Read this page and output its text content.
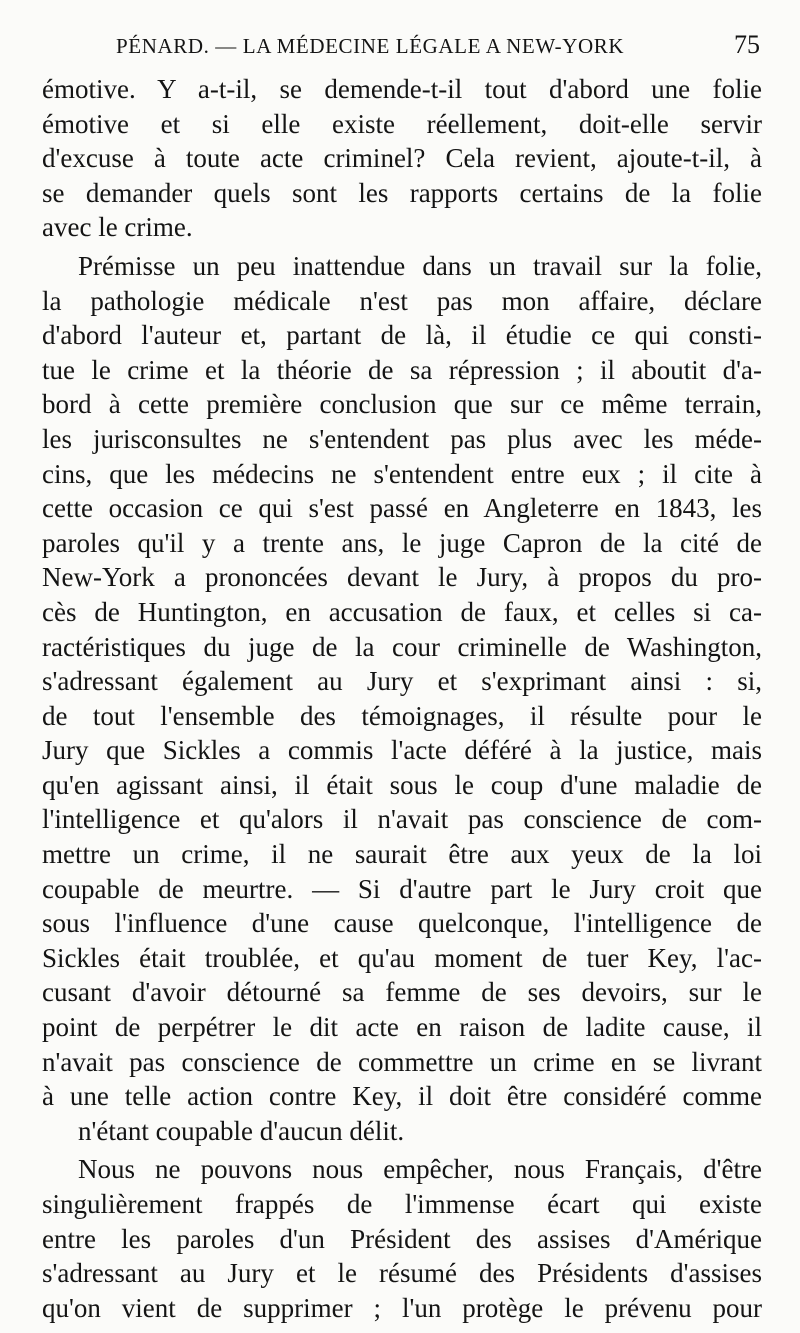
PÉNARD. — LA MÉDECINE LÉGALE A NEW-YORK	75
émotive. Y a-t-il, se demende-t-il tout d'abord une folie
émotive et si elle existe réellement, doit-elle servir
d'excuse à toute acte criminel? Cela revient, ajoute-t-il, à
se demander quels sont les rapports certains de la folie
avec le crime.
Prémisse un peu inattendue dans un travail sur la folie,
la pathologie médicale n'est pas mon affaire, déclare
d'abord l'auteur et, partant de là, il étudie ce qui consti-
tue le crime et la théorie de sa répression ; il aboutit d'a-
bord à cette première conclusion que sur ce même terrain,
les jurisconsultes ne s'entendent pas plus avec les méde-
cins, que les médecins ne s'entendent entre eux ; il cite à
cette occasion ce qui s'est passé en Angleterre en 1843, les
paroles qu'il y a trente ans, le juge Capron de la cité de
New-York a prononcées devant le Jury, à propos du pro-
cès de Huntington, en accusation de faux, et celles si ca-
ractéristiques du juge de la cour criminelle de Washington,
s'adressant également au Jury et s'exprimant ainsi : si,
de tout l'ensemble des témoignages, il résulte pour le
Jury que Sickles a commis l'acte déféré à la justice, mais
qu'en agissant ainsi, il était sous le coup d'une maladie de
l'intelligence et qu'alors il n'avait pas conscience de com-
mettre un crime, il ne saurait être aux yeux de la loi
coupable de meurtre. — Si d'autre part le Jury croit que
sous l'influence d'une cause quelconque, l'intelligence de
Sickles était troublée, et qu'au moment de tuer Key, l'ac-
cusant d'avoir détourné sa femme de ses devoirs, sur le
point de perpétrer le dit acte en raison de ladite cause, il
n'avait pas conscience de commettre un crime en se livrant
à une telle action contre Key, il doit être considéré comme
n'étant coupable d'aucun délit.
Nous ne pouvons nous empêcher, nous Français, d'être
singulièrement frappés de l'immense écart qui existe
entre les paroles d'un Président des assises d'Amérique
s'adressant au Jury et le résumé des Présidents d'assises
qu'on vient de supprimer ; l'un protège le prévenu pour
